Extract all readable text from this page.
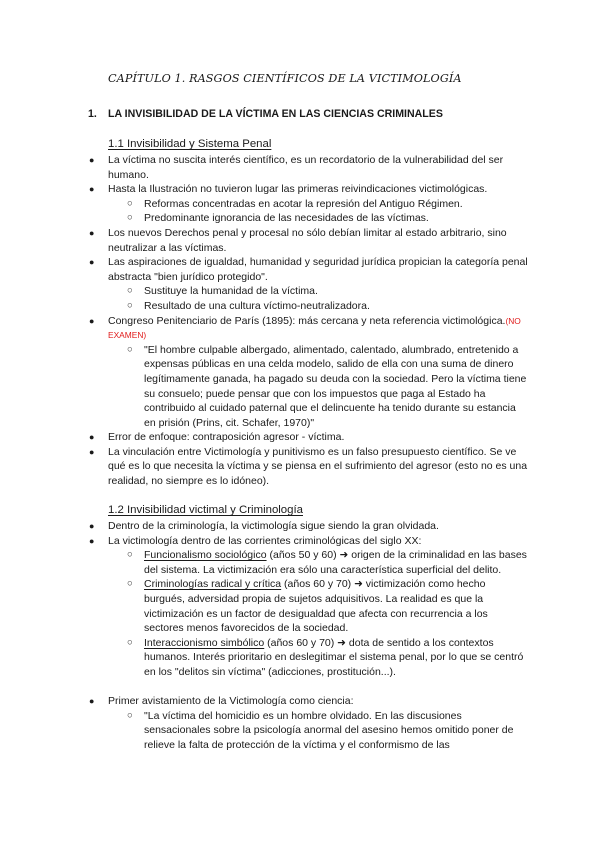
CAPÍTULO 1. RASGOS CIENTÍFICOS DE LA VICTIMOLOGÍA
1. LA INVISIBILIDAD DE LA VÍCTIMA EN LAS CIENCIAS CRIMINALES
1.1 Invisibilidad y Sistema Penal
● La víctima no suscita interés científico, es un recordatorio de la vulnerabilidad del ser humano.
● Hasta la Ilustración no tuvieron lugar las primeras reivindicaciones victimológicas.
○ Reformas concentradas en acotar la represión del Antiguo Régimen.
○ Predominante ignorancia de las necesidades de las víctimas.
● Los nuevos Derechos penal y procesal no sólo debían limitar al estado arbitrario, sino neutralizar a las víctimas.
● Las aspiraciones de igualdad, humanidad y seguridad jurídica propician la categoría penal abstracta "bien jurídico protegido".
○ Sustituye la humanidad de la víctima.
○ Resultado de una cultura víctimo-neutralizadora.
● Congreso Penitenciario de París (1895): más cercana y neta referencia victimológica.(NO EXAMEN)
○ "El hombre culpable albergado, alimentado, calentado, alumbrado, entretenido a expensas públicas en una celda modelo, salido de ella con una suma de dinero legítimamente ganada, ha pagado su deuda con la sociedad. Pero la víctima tiene su consuelo; puede pensar que con los impuestos que paga al Estado ha contribuido al cuidado paternal que el delincuente ha tenido durante su estancia en prisión (Prins, cit. Schafer, 1970)"
● Error de enfoque: contraposición agresor - víctima.
● La vinculación entre Victimología y punitivismo es un falso presupuesto científico. Se ve qué es lo que necesita la víctima y se piensa en el sufrimiento del agresor (esto no es una realidad, no siempre es lo idóneo).
1.2 Invisibilidad victimal y Criminología
● Dentro de la criminología, la victimología sigue siendo la gran olvidada.
● La victimología dentro de las corrientes criminológicas del siglo XX:
○ Funcionalismo sociológico (años 50 y 60) ➜ origen de la criminalidad en las bases del sistema. La victimización era sólo una característica superficial del delito.
○ Criminologías radical y crítica (años 60 y 70) ➜ victimización como hecho burgués, adversidad propia de sujetos adquisitivos. La realidad es que la victimización es un factor de desigualdad que afecta con recurrencia a los sectores menos favorecidos de la sociedad.
○ Interaccionismo simbólico (años 60 y 70) ➜ dota de sentido a los contextos humanos. Interés prioritario en deslegitimar el sistema penal, por lo que se centró en los "delitos sin víctima" (adicciones, prostitución...).
● Primer avistamiento de la Victimología como ciencia:
○ "La víctima del homicidio es un hombre olvidado. En las discusiones sensacionales sobre la psicología anormal del asesino hemos omitido poner de relieve la falta de protección de la víctima y el conformismo de las
